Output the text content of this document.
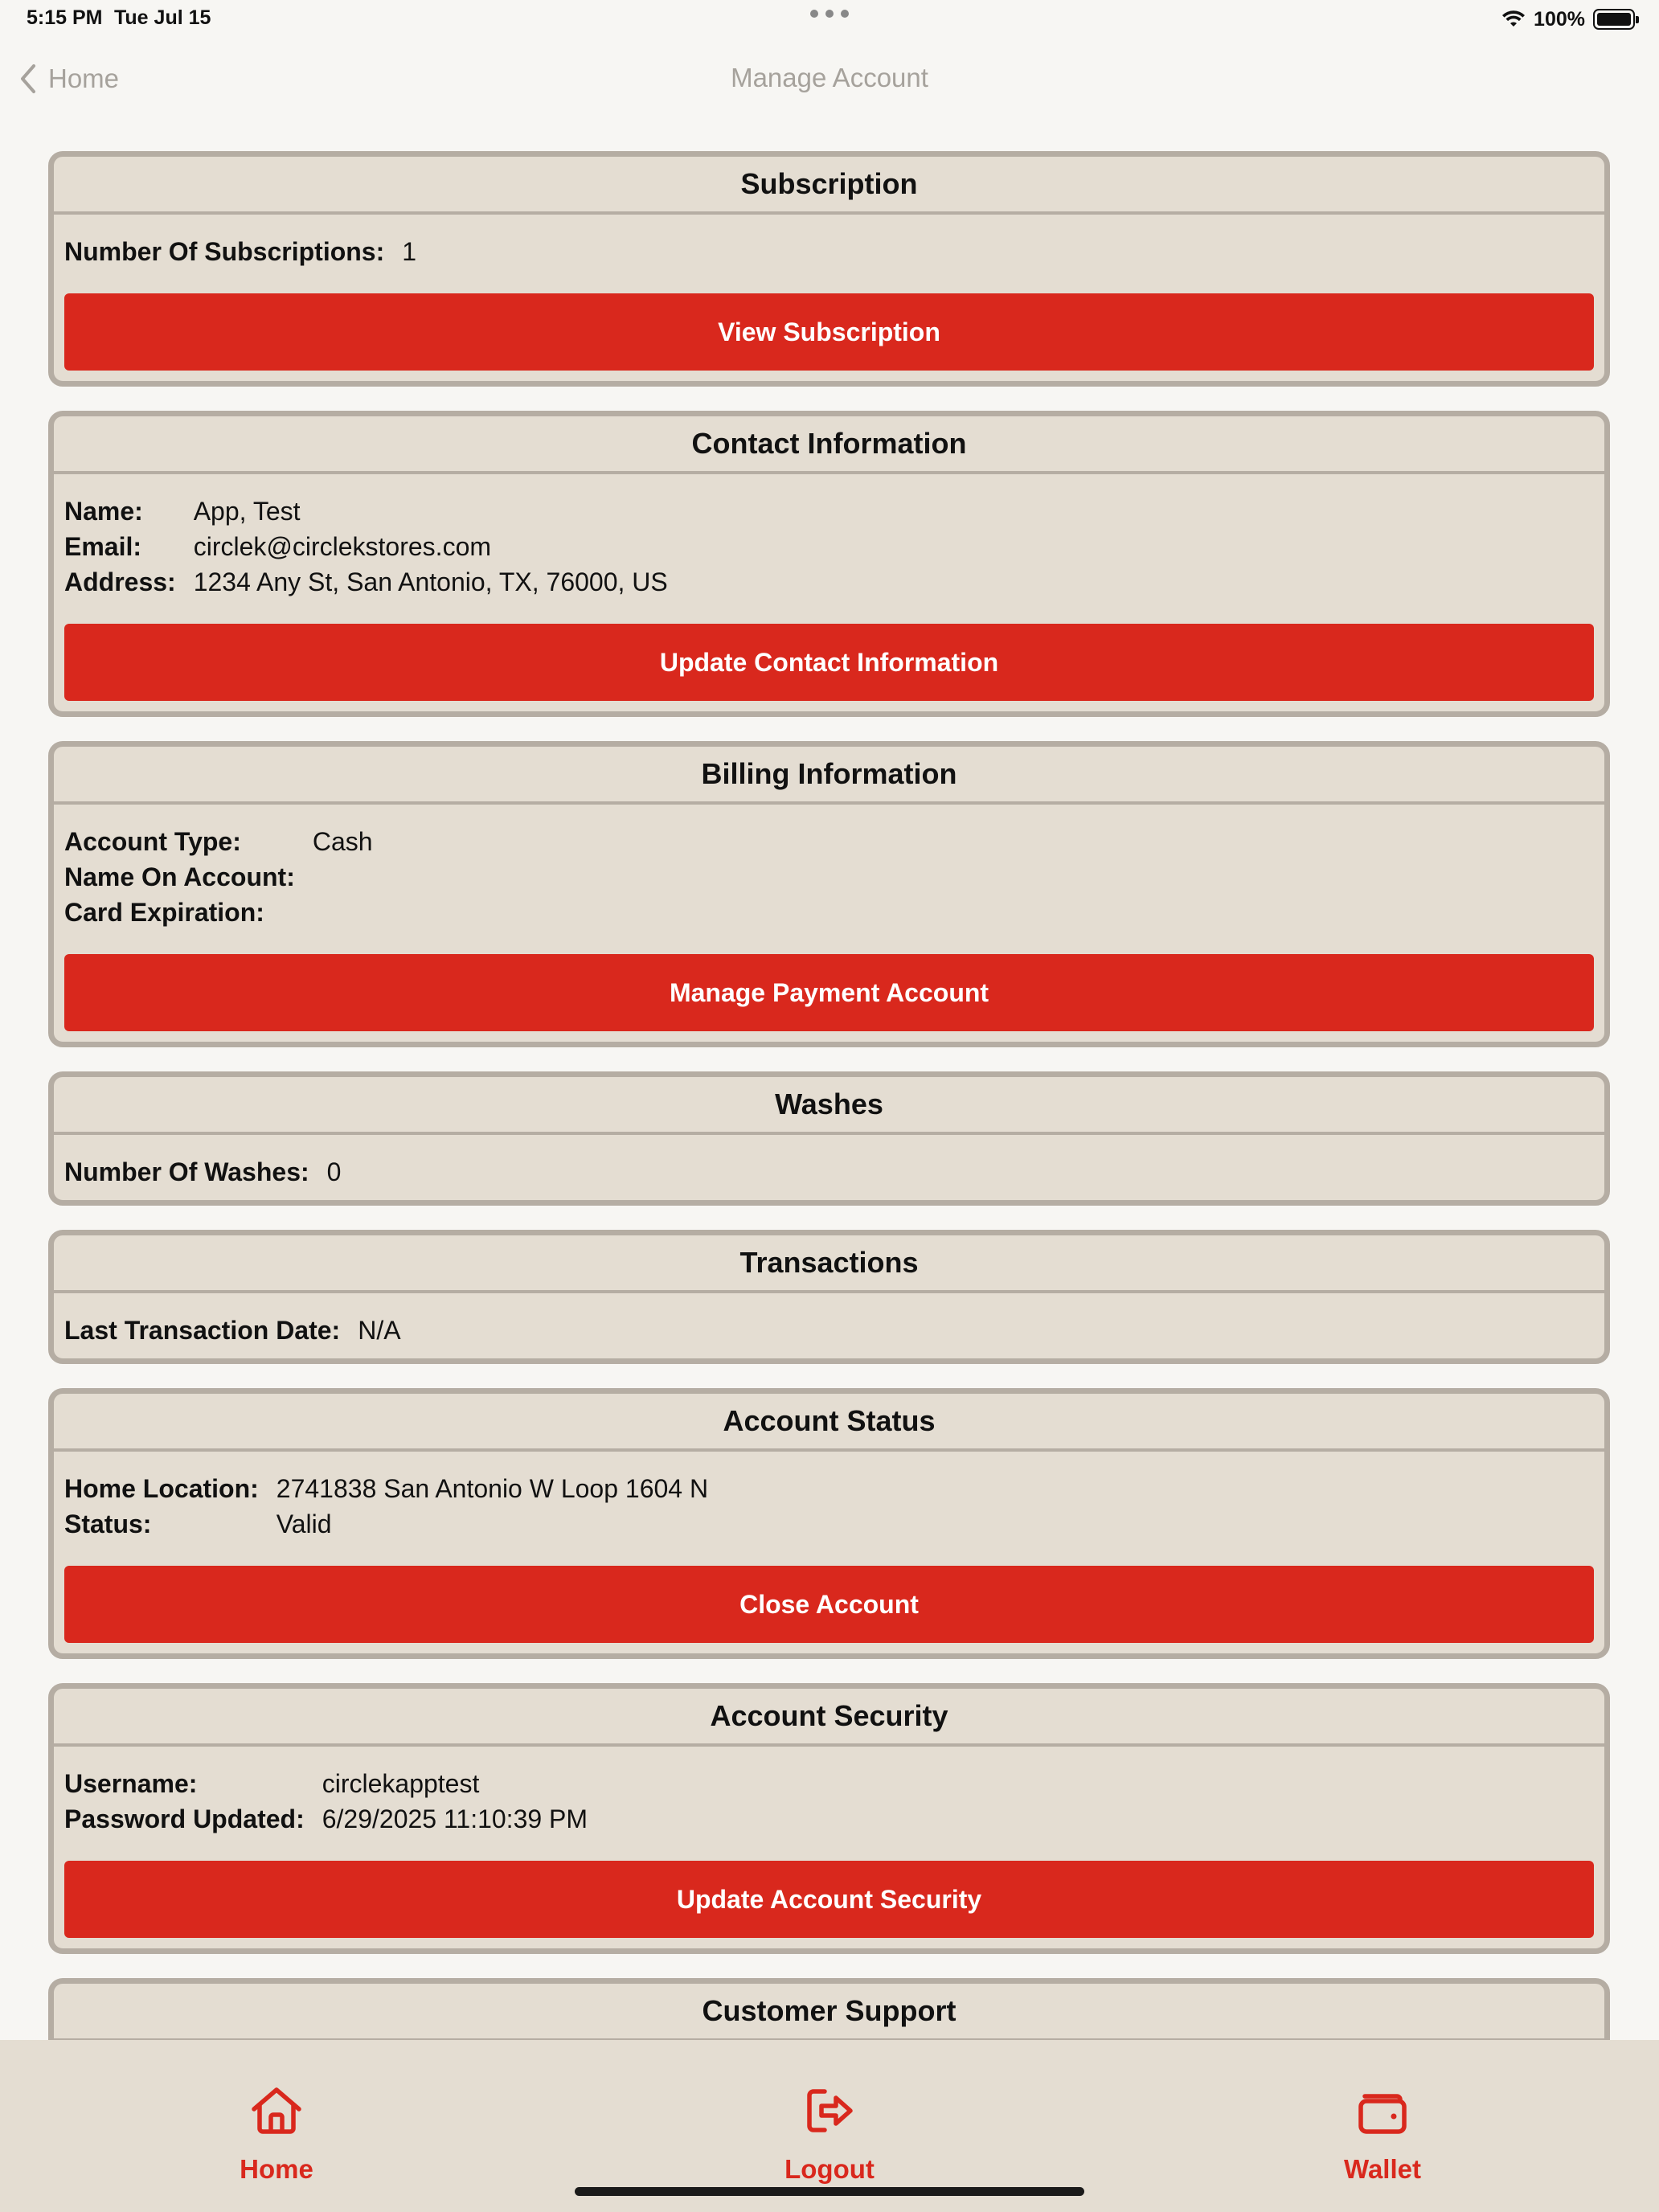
5:15 PM Tue Jul 15	100%
Home	Manage Account
Subscription
Number Of Subscriptions:	1
View Subscription
Contact Information
Name:	App, Test
Email:	circlek@circlekstores.com
Address:	1234 Any St, San Antonio, TX, 76000, US
Update Contact Information
Billing Information
Account Type:	Cash
Name On Account:	
Card Expiration:	
Manage Payment Account
Washes
Number Of Washes:	0
Transactions
Last Transaction Date:	N/A
Account Status
Home Location:	2741838 San Antonio W Loop 1604 N
Status:	Valid
Close Account
Account Security
Username:	circlekapptest
Password Updated:	6/29/2025 11:10:39 PM
Update Account Security
Customer Support
Home	Logout	Wallet
